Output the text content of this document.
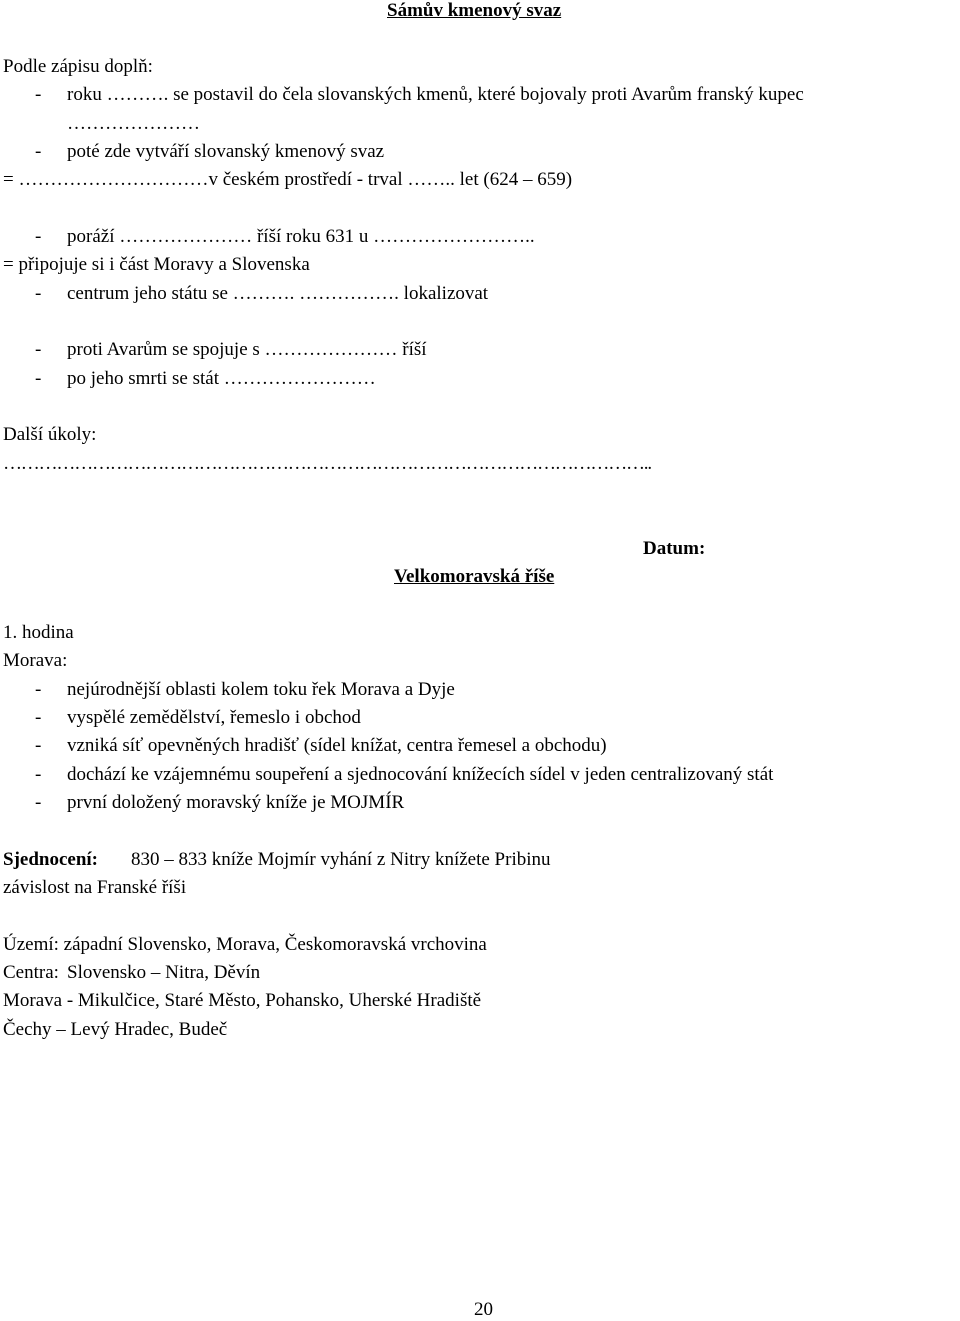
Sámův kmenový svaz
Podle zápisu doplň:
- roku ………. se postavil do čela slovanských kmenů, které bojovaly proti Avarům franský kupec
…………………
- poté zde vytváří slovanský kmenový svaz
= …………………………v českém prostředí - trval …….. let (624 – 659)
- poráží ………………… říší roku 631 u ……………………..
= připojuje si i část Moravy a Slovenska
- centrum jeho státu se ………. ……………. lokalizovat
- proti Avarům se spojuje s ………………… říší
- po jeho smrti se stát ……………………
Další úkoly:
………………………………………………………………………………………………..
Datum:
Velkomoravská říše
1. hodina
Morava:
- nejúrodnější oblasti kolem toku řek Morava a Dyje
- vyspělé zemědělství, řemeslo i obchod
- vzniká síť opevněných hradišť (sídel knížat, centra řemesel a obchodu)
- dochází ke vzájemnému soupeření a sjednocování knížecích sídel v jeden centralizovaný stát
- první doložený moravský kníže je MOJMÍR
Sjednocení: 830 – 833 kníže Mojmír vyhání z Nitry knížete Pribinu
závislost na Franské říši
Území: západní Slovensko, Morava, Českomoravská vrchovina
Centra: Slovensko – Nitra, Děvín
Morava - Mikulčice, Staré Město, Pohansko, Uherské Hradiště
Čechy – Levý Hradec, Budeč
20
